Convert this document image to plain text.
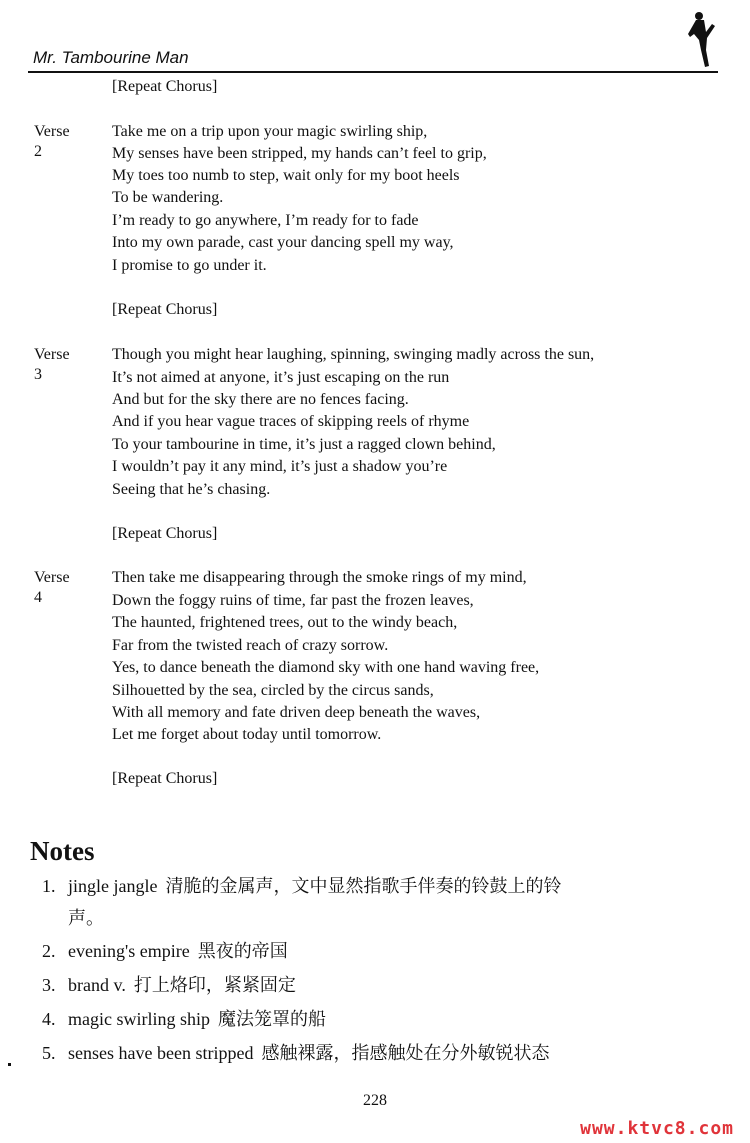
Mr. Tambourine Man
[Repeat Chorus]
Verse 2
Take me on a trip upon your magic swirling ship,
My senses have been stripped, my hands can’t feel to grip,
My toes too numb to step, wait only for my boot heels
To be wandering.
I’m ready to go anywhere, I’m ready for to fade
Into my own parade, cast your dancing spell my way,
I promise to go under it.
[Repeat Chorus]
Verse 3
Though you might hear laughing, spinning, swinging madly across the sun,
It’s not aimed at anyone, it’s just escaping on the run
And but for the sky there are no fences facing.
And if you hear vague traces of skipping reels of rhyme
To your tambourine in time, it’s just a ragged clown behind,
I wouldn’t pay it any mind, it’s just a shadow you’re
Seeing that he’s chasing.
[Repeat Chorus]
Verse 4
Then take me disappearing through the smoke rings of my mind,
Down the foggy ruins of time, far past the frozen leaves,
The haunted, frightened trees, out to the windy beach,
Far from the twisted reach of crazy sorrow.
Yes, to dance beneath the diamond sky with one hand waving free,
Silhouetted by the sea, circled by the circus sands,
With all memory and fate driven deep beneath the waves,
Let me forget about today until tomorrow.
[Repeat Chorus]
Notes
1. jingle jangle 清脆的金属声，文中显然指歌手伴奏的铃鼓上的铃
声。
2. evening's empire 黑夜的帝国
3. brand v. 打上烙印，紧紧固定
4. magic swirling ship 魔法笼罩的船
5. senses have been stripped 感触裸露，指感触处在分外敏锐状态
228
www.ktvc8.com
